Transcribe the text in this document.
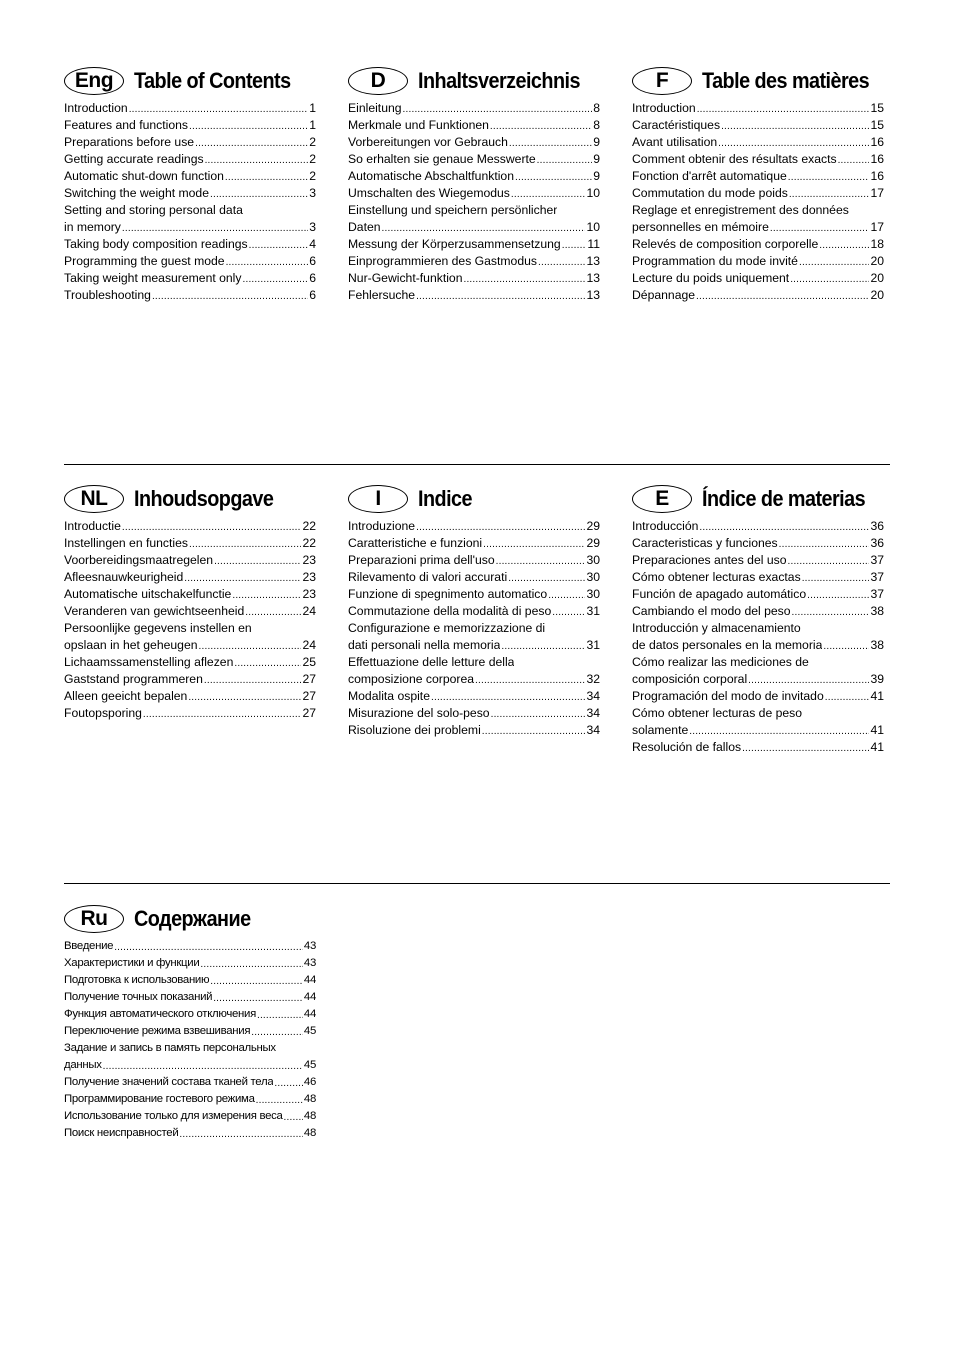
Eng Table of Contents
Introduction .....	1
Features and functions .....	1
Preparations before use .....	2
Getting accurate readings .....	2
Automatic shut-down function .....	2
Switching the weight mode .....	3
Setting and storing personal data
in memory .....	3
Taking body composition readings .....	4
Programming the guest mode .....	6
Taking weight measurement only .....	6
Troubleshooting .....	6
D	Inhaltsverzeichnis
Einleitung .....	8
Merkmale und Funktionen .....	8
Vorbereitungen vor Gebrauch .....	9
So erhalten sie genaue Messwerte .....	9
Automatische Abschaltfunktion .....	9
Umschalten des Wiegemodus .....	10
Einstellung und speichern persönlicher
Daten .....	10
Messung der Körperzusammensetzung ..... 11
Einprogrammieren des Gastmodus .....	13
Nur-Gewicht-funktion .....	13
Fehlersuche .....	13
F	Table des matières
Introduction .....	15
Caractéristiques .....	15
Avant utilisation .....	16
Comment obtenir des résultats exacts .....	16
Fonction d'arrêt automatique .....	16
Commutation du mode poids .....	17
Reglage et enregistrement des données
personnelles en mémoire .....	17
Relevés de composition corporelle .....	18
Programmation du mode invité .....	20
Lecture du poids uniquement .....	20
Dépannage .....	20
NL	Inhoudsopgave
Introductie .....	22
Instellingen en functies .....	22
Voorbereidingsmaatregelen .....	23
Afleesnauwkeurigheid .....	23
Automatische uitschakelfunctie .....	23
Veranderen van gewichtseenheid .....	24
Persoonlijke gegevens instellen en
opslaan in het geheugen .....	24
Lichaamssamenstelling aflezen .....	25
Gaststand programmeren .....	27
Alleen geeicht bepalen .....	27
Foutopsporing .....	27
I	Indice
Introduzione .....	29
Caratteristiche e funzioni .....	29
Preparazioni prima dell'uso .....	30
Rilevamento di valori accurati .....	30
Funzione di spegnimento automatico .....	30
Commutazione della modalità di peso .....	31
Configurazione e memorizzazione di
dati personali nella memoria .....	31
Effettuazione delle letture della
composizione corporea .....	32
Modalita ospite .....	34
Misurazione del solo-peso .....	34
Risoluzione dei problemi .....	34
E	Índice de materias
Introducción .....	36
Caracteristicas y funciones .....	36
Preparaciones antes del uso .....	37
Cómo obtener lecturas exactas .....	37
Función de apagado automático .....	37
Cambiando el modo del peso .....	38
Introducción y almacenamiento
de datos personales en la memoria .....	38
Cómo realizar las mediciones de
composición corporal .....	39
Programación del modo de invitado .....	41
Cómo obtener lecturas de peso
solamente .....	41
Resolución de fallos .....	41
Ru	Содержание
Введение .....	43
Характеристики и функции .....	43
Подготовка к использованию .....	44
Получение точных показаний .....	44
Функция автоматического отключения .....	44
Переключение режима взвешивания .....	45
Задание и запись в память персональных
данных .....	45
Получение значений состава тканей тела .....	46
Программирование гостевого режима .....	48
Использование только для измерения веса ..... 48
Поиск неисправностей .....	48
